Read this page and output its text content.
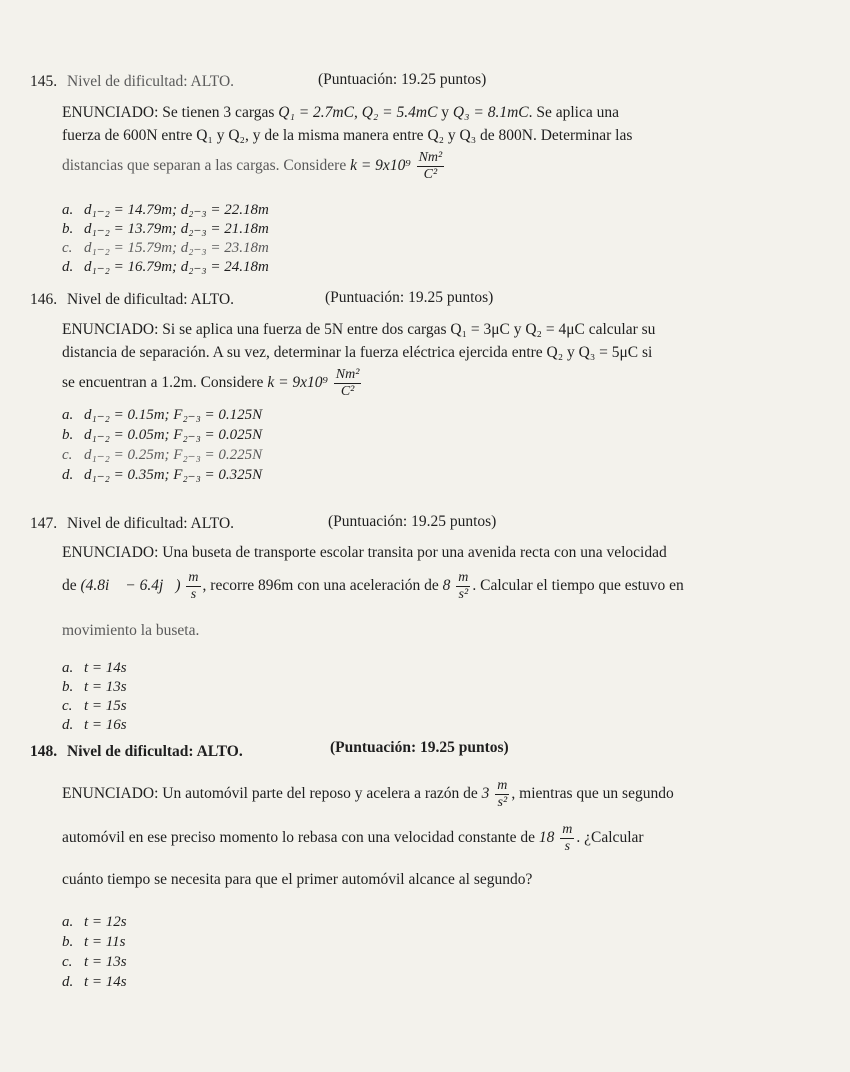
145. Nivel de dificultad: ALTO.	(Puntuación: 19.25 puntos)
ENUNCIADO: Se tienen 3 cargas Q₁ = 2.7mC, Q₂ = 5.4mC y Q₃ = 8.1mC. Se aplica una
fuerza de 600N entre Q₁ y Q₂, y de la misma manera entre Q₂ y Q₃ de 800N. Determinar las
distancias que separan a las cargas. Considere $k = 9x10^9 \frac{\text{Nm²}}{\text{C²}}$
a. d₁₋₂ = 14.79m; d₂₋₃ = 22.18m
b. d₁₋₂ = 13.79m; d₂₋₃ = 21.18m
c. d₁₋₂ = 15.79m; d₂₋₃ = 23.18m
d. d₁₋₂ = 16.79m; d₂₋₃ = 24.18m
146. Nivel de dificultad: ALTO.	(Puntuación: 19.25 puntos)
ENUNCIADO: Si se aplica una fuerza de 5N entre dos cargas Q₁ = 3μC y Q₂ = 4μC calcular su
distancia de separación. A su vez, determinar la fuerza eléctrica ejercida entre Q₂ y Q₃ = 5μC si
se encuentran a 1.2m. Considere $k = 9x10^9 \frac{\text{Nm²}}{\text{C²}}$
a. d₁₋₂ = 0.15m; F₂₋₃ = 0.125N
b. d₁₋₂ = 0.05m; F₂₋₃ = 0.025N
c. d₁₋₂ = 0.25m; F₂₋₃ = 0.225N
d. d₁₋₂ = 0.35m; F₂₋₃ = 0.325N
147. Nivel de dificultad: ALTO.	(Puntuación: 19.25 puntos)
ENUNCIADO: Una buseta de transporte escolar transita por una avenida recta con una velocidad
de (4.8i⃗ − 6.4j⃗) $\frac{m}{s}$ , recorre 896m con una aceleración de $8 \frac{m}{\text{s²}}$ . Calcular el tiempo que estuvo en
movimiento la buseta.
a. t = 14s
b. t = 13s
c. t = 15s
d. t = 16s
148. Nivel de dificultad: ALTO.	(Puntuación: 19.25 puntos)
ENUNCIADO: Un automóvil parte del reposo y acelera a razón de $3 \frac{m}{\text{s²}}$ , mientras que un segundo
automóvil en ese preciso momento lo rebasa con una velocidad constante de $18 \frac{m}{s}$ . ¿Calcular
cuánto tiempo se necesita para que el primer automóvil alcance al segundo?
a. t = 12s
b. t = 11s
c. t = 13s
d. t = 14s
